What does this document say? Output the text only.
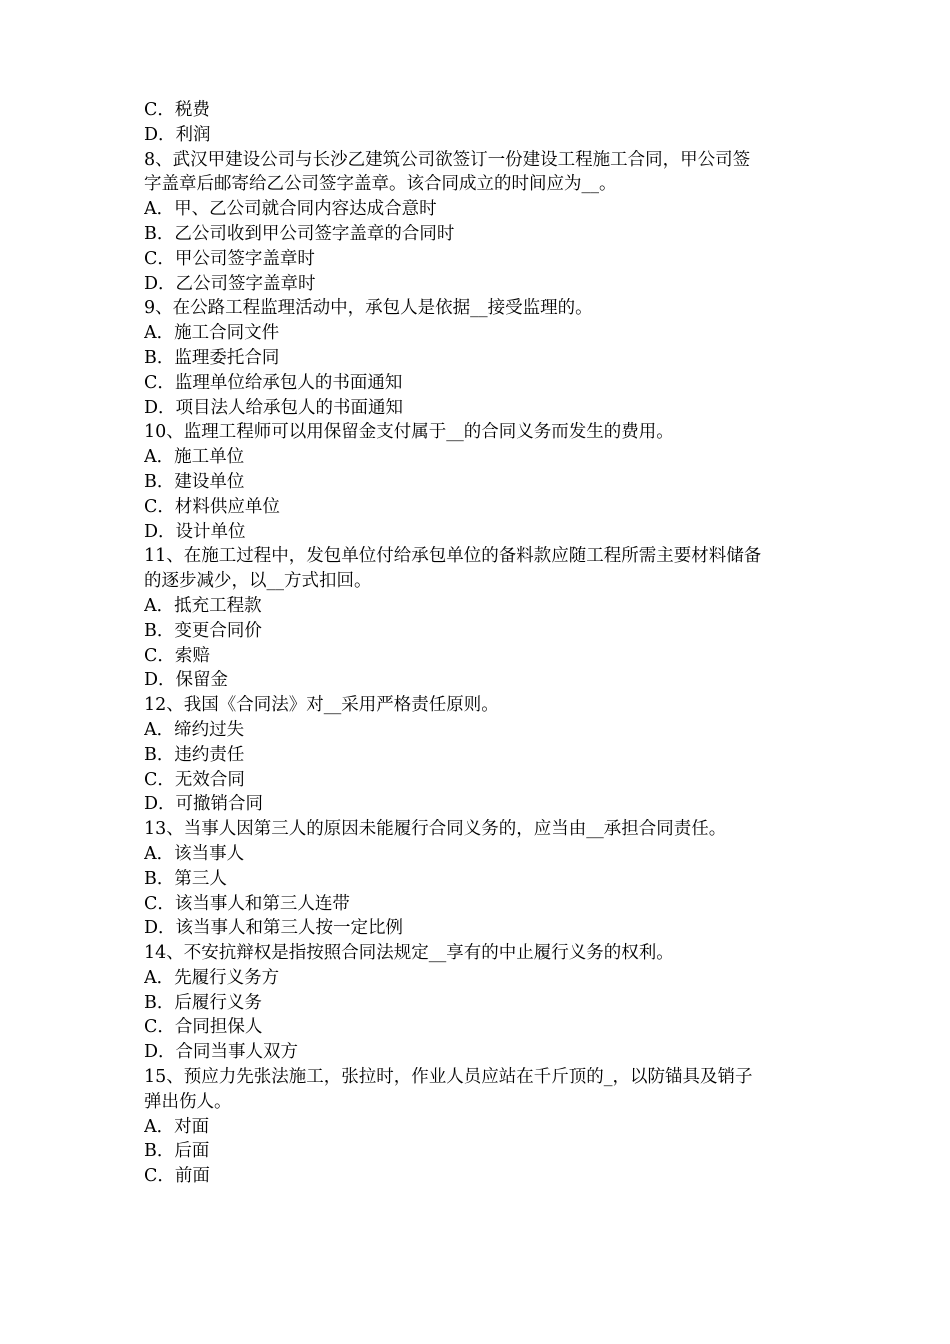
C．税费
D．利润
8、武汉甲建设公司与长沙乙建筑公司欲签订一份建设工程施工合同，甲公司签
字盖章后邮寄给乙公司签字盖章。该合同成立的时间应为__。
A．甲、乙公司就合同内容达成合意时
B．乙公司收到甲公司签字盖章的合同时
C．甲公司签字盖章时
D．乙公司签字盖章时
9、在公路工程监理活动中，承包人是依据__接受监理的。
A．施工合同文件
B．监理委托合同
C．监理单位给承包人的书面通知
D．项目法人给承包人的书面通知
10、监理工程师可以用保留金支付属于__的合同义务而发生的费用。
A．施工单位
B．建设单位
C．材料供应单位
D．设计单位
11、在施工过程中，发包单位付给承包单位的备料款应随工程所需主要材料储备
的逐步减少，以__方式扣回。
A．抵充工程款
B．变更合同价
C．索赔
D．保留金
12、我国《合同法》对__采用严格责任原则。
A．缔约过失
B．违约责任
C．无效合同
D．可撤销合同
13、当事人因第三人的原因未能履行合同义务的，应当由__承担合同责任。
A．该当事人
B．第三人
C．该当事人和第三人连带
D．该当事人和第三人按一定比例
14、不安抗辩权是指按照合同法规定__享有的中止履行义务的权利。
A．先履行义务方
B．后履行义务
C．合同担保人
D．合同当事人双方
15、预应力先张法施工，张拉时，作业人员应站在千斤顶的_，以防锚具及销子
弹出伤人。
A．对面
B．后面
C．前面
